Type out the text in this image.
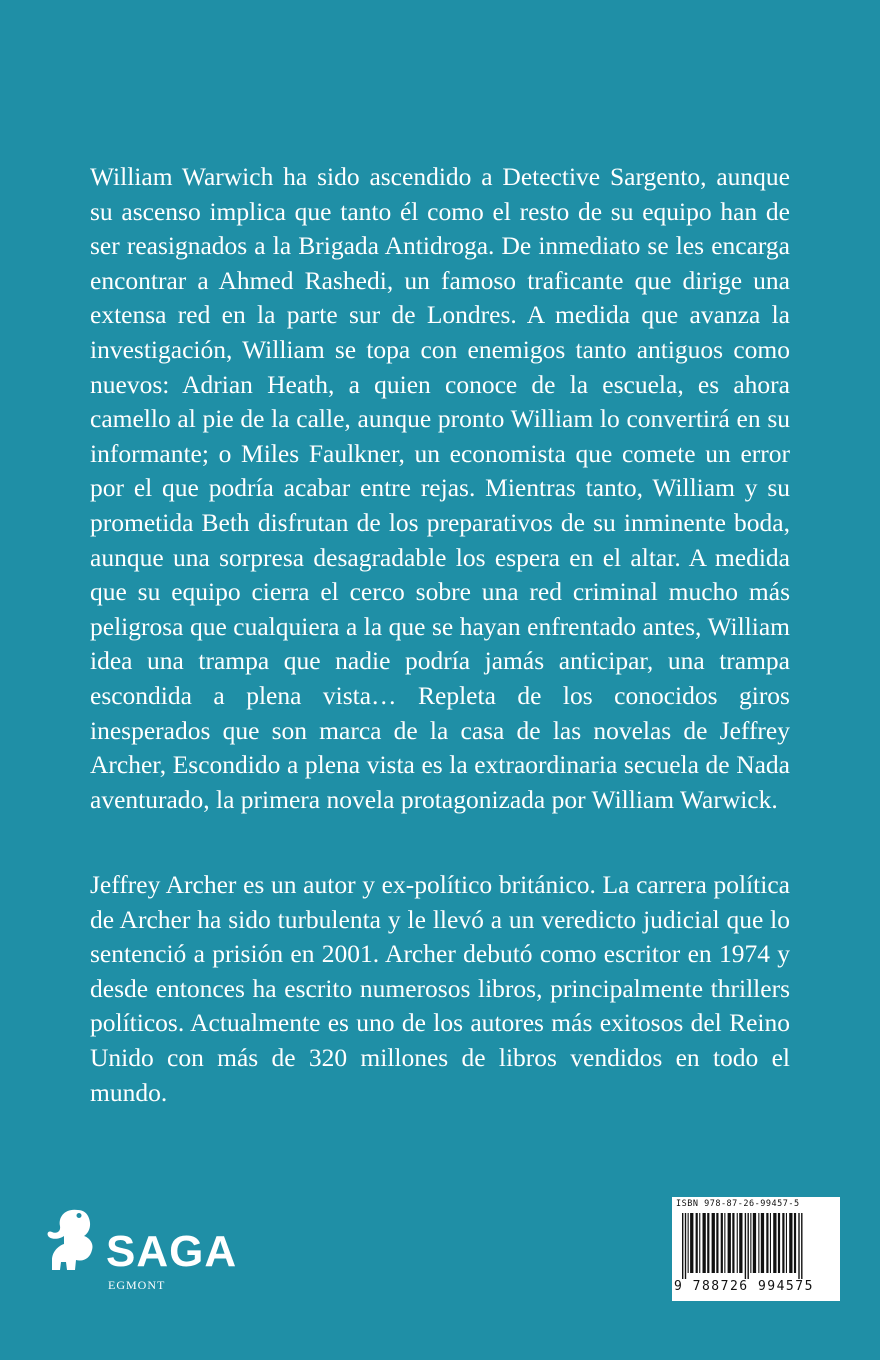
William Warwich ha sido ascendido a Detective Sargento, aunque su ascenso implica que tanto él como el resto de su equipo han de ser reasignados a la Brigada Antidroga. De inmediato se les encarga encontrar a Ahmed Rashedi, un famoso traficante que dirige una extensa red en la parte sur de Londres. A medida que avanza la investigación, William se topa con enemigos tanto antiguos como nuevos: Adrian Heath, a quien conoce de la escuela, es ahora camello al pie de la calle, aunque pronto William lo convertirá en su informante; o Miles Faulkner, un economista que comete un error por el que podría acabar entre rejas. Mientras tanto, William y su prometida Beth disfrutan de los preparativos de su inminente boda, aunque una sorpresa desagradable los espera en el altar. A medida que su equipo cierra el cerco sobre una red criminal mucho más peligrosa que cualquiera a la que se hayan enfrentado antes, William idea una trampa que nadie podría jamás anticipar, una trampa escondida a plena vista… Repleta de los conocidos giros inesperados que son marca de la casa de las novelas de Jeffrey Archer, Escondido a plena vista es la extraordinaria secuela de Nada aventurado, la primera novela protagonizada por William Warwick.

Jeffrey Archer es un autor y ex-político británico. La carrera política de Archer ha sido turbulenta y le llevó a un veredicto judicial que lo sentenció a prisión en 2001. Archer debutó como escritor en 1974 y desde entonces ha escrito numerosos libros, principalmente thrillers políticos. Actualmente es uno de los autores más exitosos del Reino Unido con más de 320 millones de libros vendidos en todo el mundo.

SAGA
EGMONT
ISBN 978-87-26-99457-5
9 788726 994575
